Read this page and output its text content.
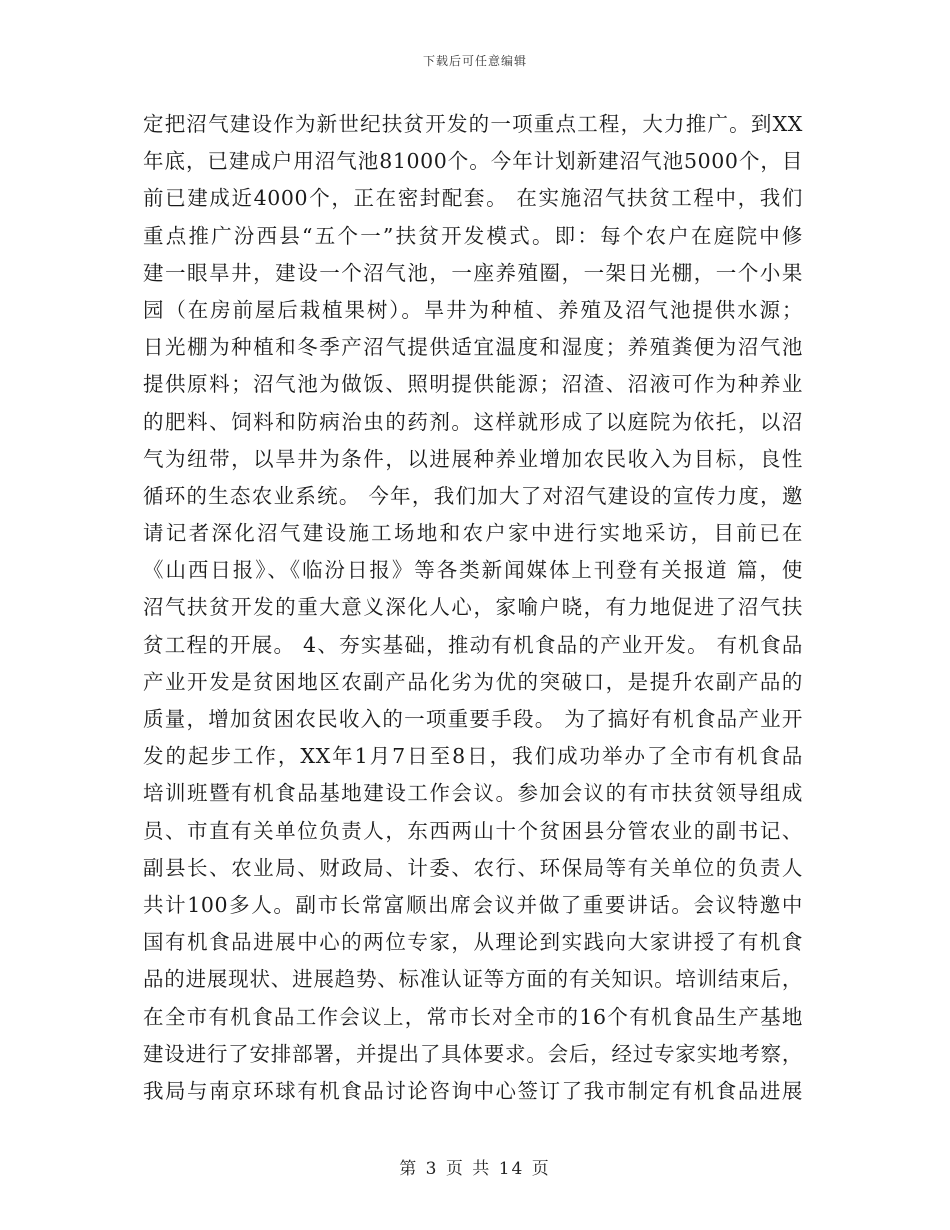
下载后可任意编辑
定把沼气建设作为新世纪扶贫开发的一项重点工程，大力推广。到XX
年底，已建成户用沼气池81000个。今年计划新建沼气池5000个，目
前已建成近4000个，正在密封配套。 在实施沼气扶贫工程中，我们
重点推广汾西县“五个一”扶贫开发模式。即：每个农户在庭院中修
建一眼旱井，建设一个沼气池，一座养殖圈，一架日光棚，一个小果
园（在房前屋后栽植果树）。旱井为种植、养殖及沼气池提供水源；
日光棚为种植和冬季产沼气提供适宜温度和湿度；养殖粪便为沼气池
提供原料；沼气池为做饭、照明提供能源；沼渣、沼液可作为种养业
的肥料、饲料和防病治虫的药剂。这样就形成了以庭院为依托，以沼
气为纽带，以旱井为条件，以进展种养业增加农民收入为目标，良性
循环的生态农业系统。 今年，我们加大了对沼气建设的宣传力度，邀
请记者深化沼气建设施工场地和农户家中进行实地采访，目前已在
《山西日报》、《临汾日报》等各类新闻媒体上刊登有关报道 篇，使
沼气扶贫开发的重大意义深化人心，家喻户晓，有力地促进了沼气扶
贫工程的开展。 4、夯实基础，推动有机食品的产业开发。 有机食品
产业开发是贫困地区农副产品化劣为优的突破口，是提升农副产品的
质量，增加贫困农民收入的一项重要手段。 为了搞好有机食品产业开
发的起步工作，XX年1月7日至8日，我们成功举办了全市有机食品
培训班暨有机食品基地建设工作会议。参加会议的有市扶贫领导组成
员、市直有关单位负责人，东西两山十个贫困县分管农业的副书记、
副县长、农业局、财政局、计委、农行、环保局等有关单位的负责人
共计100多人。副市长常富顺出席会议并做了重要讲话。会议特邀中
国有机食品进展中心的两位专家，从理论到实践向大家讲授了有机食
品的进展现状、进展趋势、标准认证等方面的有关知识。培训结束后，
在全市有机食品工作会议上，常市长对全市的16个有机食品生产基地
建设进行了安排部署，并提出了具体要求。会后，经过专家实地考察，
我局与南京环球有机食品讨论咨询中心签订了我市制定有机食品进展
第 3 页 共 14 页
